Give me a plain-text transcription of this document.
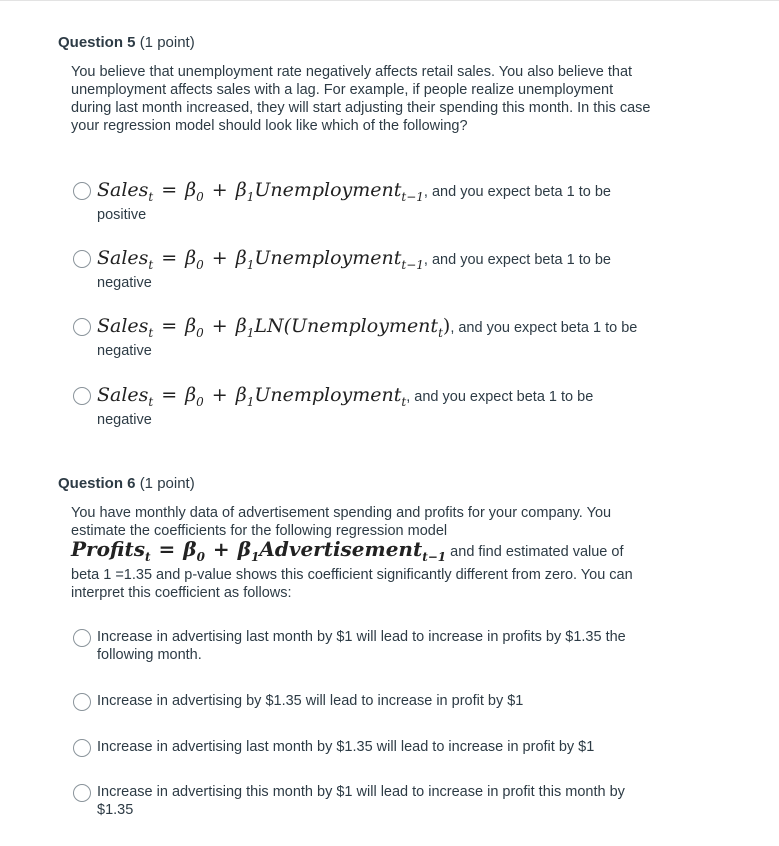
Question 5 (1 point)

You believe that unemployment rate negatively affects retail sales. You also believe that unemployment affects sales with a lag. For example, if people realize unemployment during last month increased, they will start adjusting their spending this month. In this case your regression model should look like which of the following?

Sales$_t$ = $\beta_0$ + $\beta_1Unemployment_{t-1}$, and you expect beta 1 to be positive
Sales$_t$ = $\beta_0$ + $\beta_1Unemployment_{t-1}$, and you expect beta 1 to be negative
Sales$_t$ = $\beta_0$ + $\beta_1LN(Unemployment_t)$, and you expect beta 1 to be negative
Sales$_t$ = $\beta_0$ + $\beta_1Unemployment_t$, and you expect beta 1 to be negative
Question 6 (1 point)

You have monthly data of advertisement spending and profits for your company. You estimate the coefficients for the following regression model Profits$_t$ = $\beta_0$ + $\beta_1Advertisement_{t-1}$ and find estimated value of beta 1 =1.35 and p-value shows this coefficient significantly different from zero. You can interpret this coefficient as follows:

Increase in advertising last month by $1 will lead to increase in profits by $1.35 the following month.
Increase in advertising by $1.35 will lead to increase in profit by $1
Increase in advertising last month by $1.35 will lead to increase in profit by $1
Increase in advertising this month by $1 will lead to increase in profit this month by $1.35
